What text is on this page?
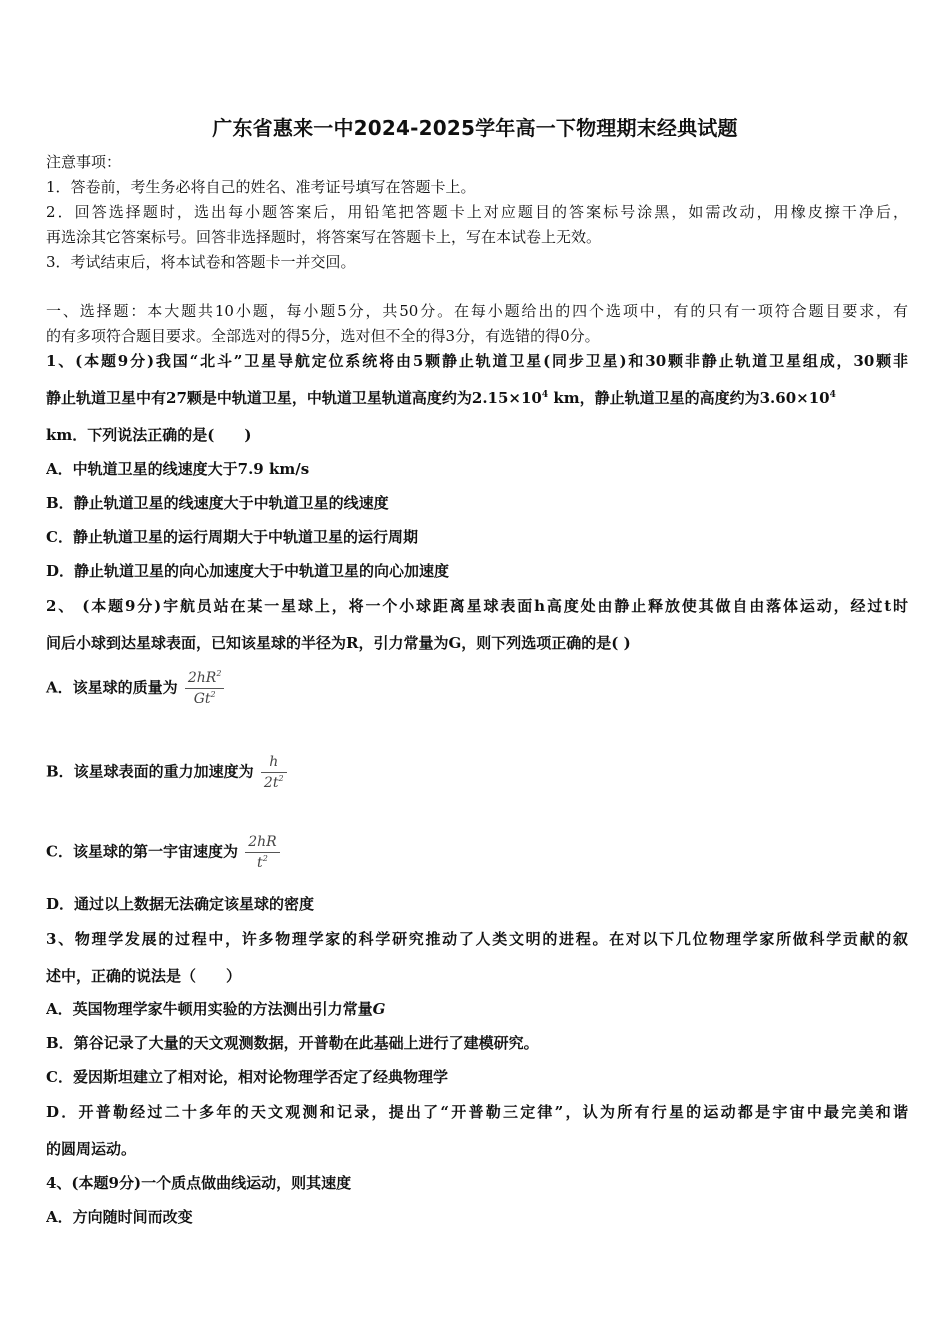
广东省惠来一中2024-2025学年高一下物理期末经典试题
注意事项：
1．答卷前，考生务必将自己的姓名、准考证号填写在答题卡上。
2．回答选择题时，选出每小题答案后，用铅笔把答题卡上对应题目的答案标号涂黑，如需改动，用橡皮擦干净后，
再选涂其它答案标号。回答非选择题时，将答案写在答题卡上，写在本试卷上无效。
3．考试结束后，将本试卷和答题卡一并交回。
一、选择题：本大题共10小题，每小题5分，共50分。在每小题给出的四个选项中，有的只有一项符合题目要求，有
的有多项符合题目要求。全部选对的得5分，选对但不全的得3分，有选错的得0分。
1、(本题9分)我国“北斗”卫星导航定位系统将由5颗静止轨道卫星(同步卫星)和30颗非静止轨道卫星组成，30颗非
静止轨道卫星中有27颗是中轨道卫星，中轨道卫星轨道高度约为$2.15\times 10^4$ km，静止轨道卫星的高度约为$3.60\times 10^4$
km．下列说法正确的是(　　)
A．中轨道卫星的线速度大于7.9 km/s
B．静止轨道卫星的线速度大于中轨道卫星的线速度
C．静止轨道卫星的运行周期大于中轨道卫星的运行周期
D．静止轨道卫星的向心加速度大于中轨道卫星的向心加速度
2、 (本题9分)宇航员站在某一星球上，将一个小球距离星球表面h高度处由静止释放使其做自由落体运动，经过t时
间后小球到达星球表面，已知该星球的半径为R，引力常量为G，则下列选项正确的是( )
A．该星球的质量为 $\frac{2hR^2}{Gt^2}$
B．该星球表面的重力加速度为 $\frac{h}{2t^2}$
C．该星球的第一宇宙速度为 $\frac{2hR}{t^2}$
D．通过以上数据无法确定该星球的密度
3、物理学发展的过程中，许多物理学家的科学研究推动了人类文明的进程。在对以下几位物理学家所做科学贡献的叙
述中，正确的说法是（　　）
A．英国物理学家牛顿用实验的方法测出引力常量G
B．第谷记录了大量的天文观测数据，开普勒在此基础上进行了建模研究。
C．爱因斯坦建立了相对论，相对论物理学否定了经典物理学
D．开普勒经过二十多年的天文观测和记录，提出了“开普勒三定律”，认为所有行星的运动都是宇宙中最完美和谐
的圆周运动。
4、(本题9分)一个质点做曲线运动，则其速度
A．方向随时间而改变
